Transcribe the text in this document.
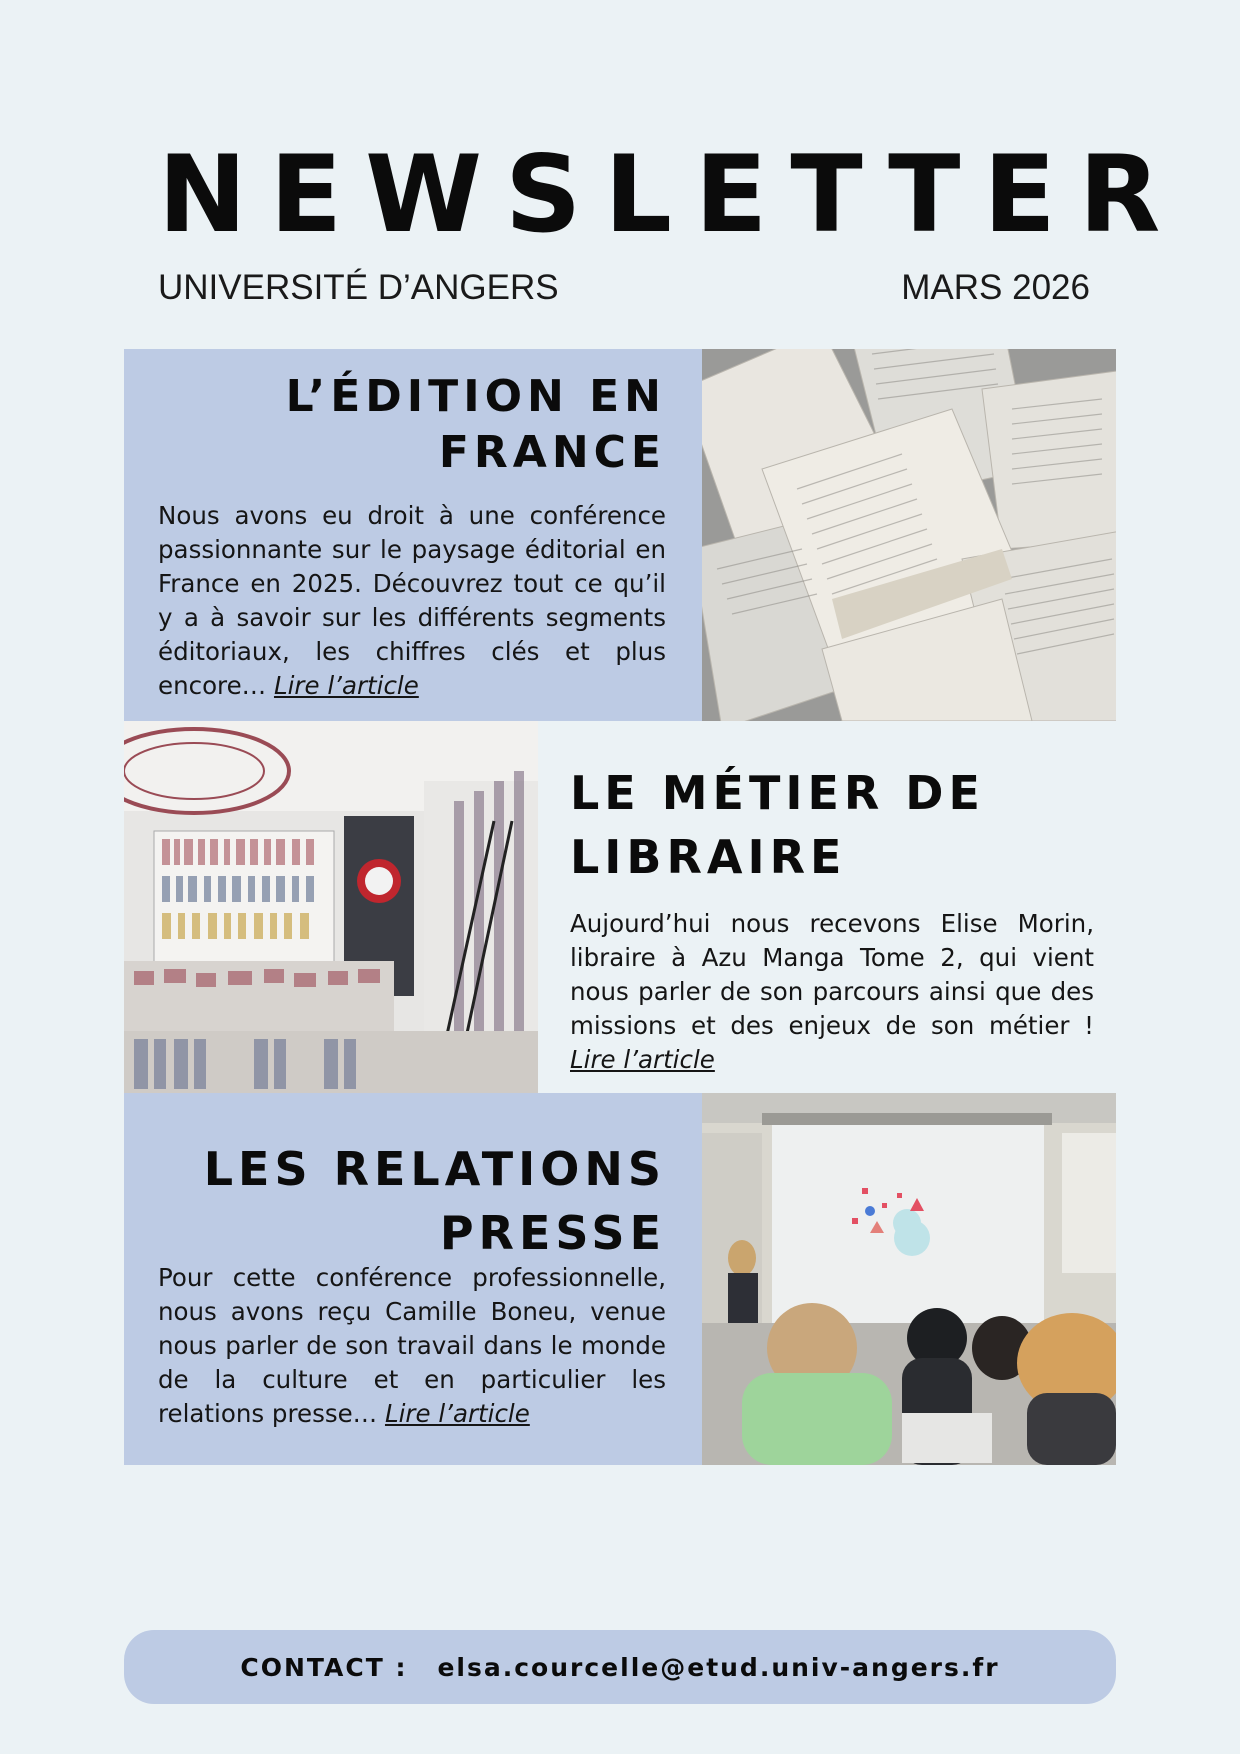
NEWSLETTER
UNIVERSITÉ D’ANGERS	MARS 2026
L’ÉDITION EN
FRANCE

Nous avons eu droit à une conférence passionnante sur le paysage éditorial en France en 2025. Découvrez tout ce qu’il y a à savoir sur les différents segments éditoriaux, les chiffres clés et plus encore… Lire l’article

LE MÉTIER DE
LIBRAIRE

Aujourd’hui nous recevons Elise Morin, libraire à Azu Manga Tome 2, qui vient nous parler de son parcours ainsi que des missions et des enjeux de son métier ! Lire l’article

LES RELATIONS
PRESSE

Pour cette conférence professionnelle, nous avons reçu Camille Boneu, venue nous parler de son travail dans le monde de la culture et en particulier les relations presse… Lire l’article

CONTACT : elsa.courcelle@etud.univ-angers.fr
